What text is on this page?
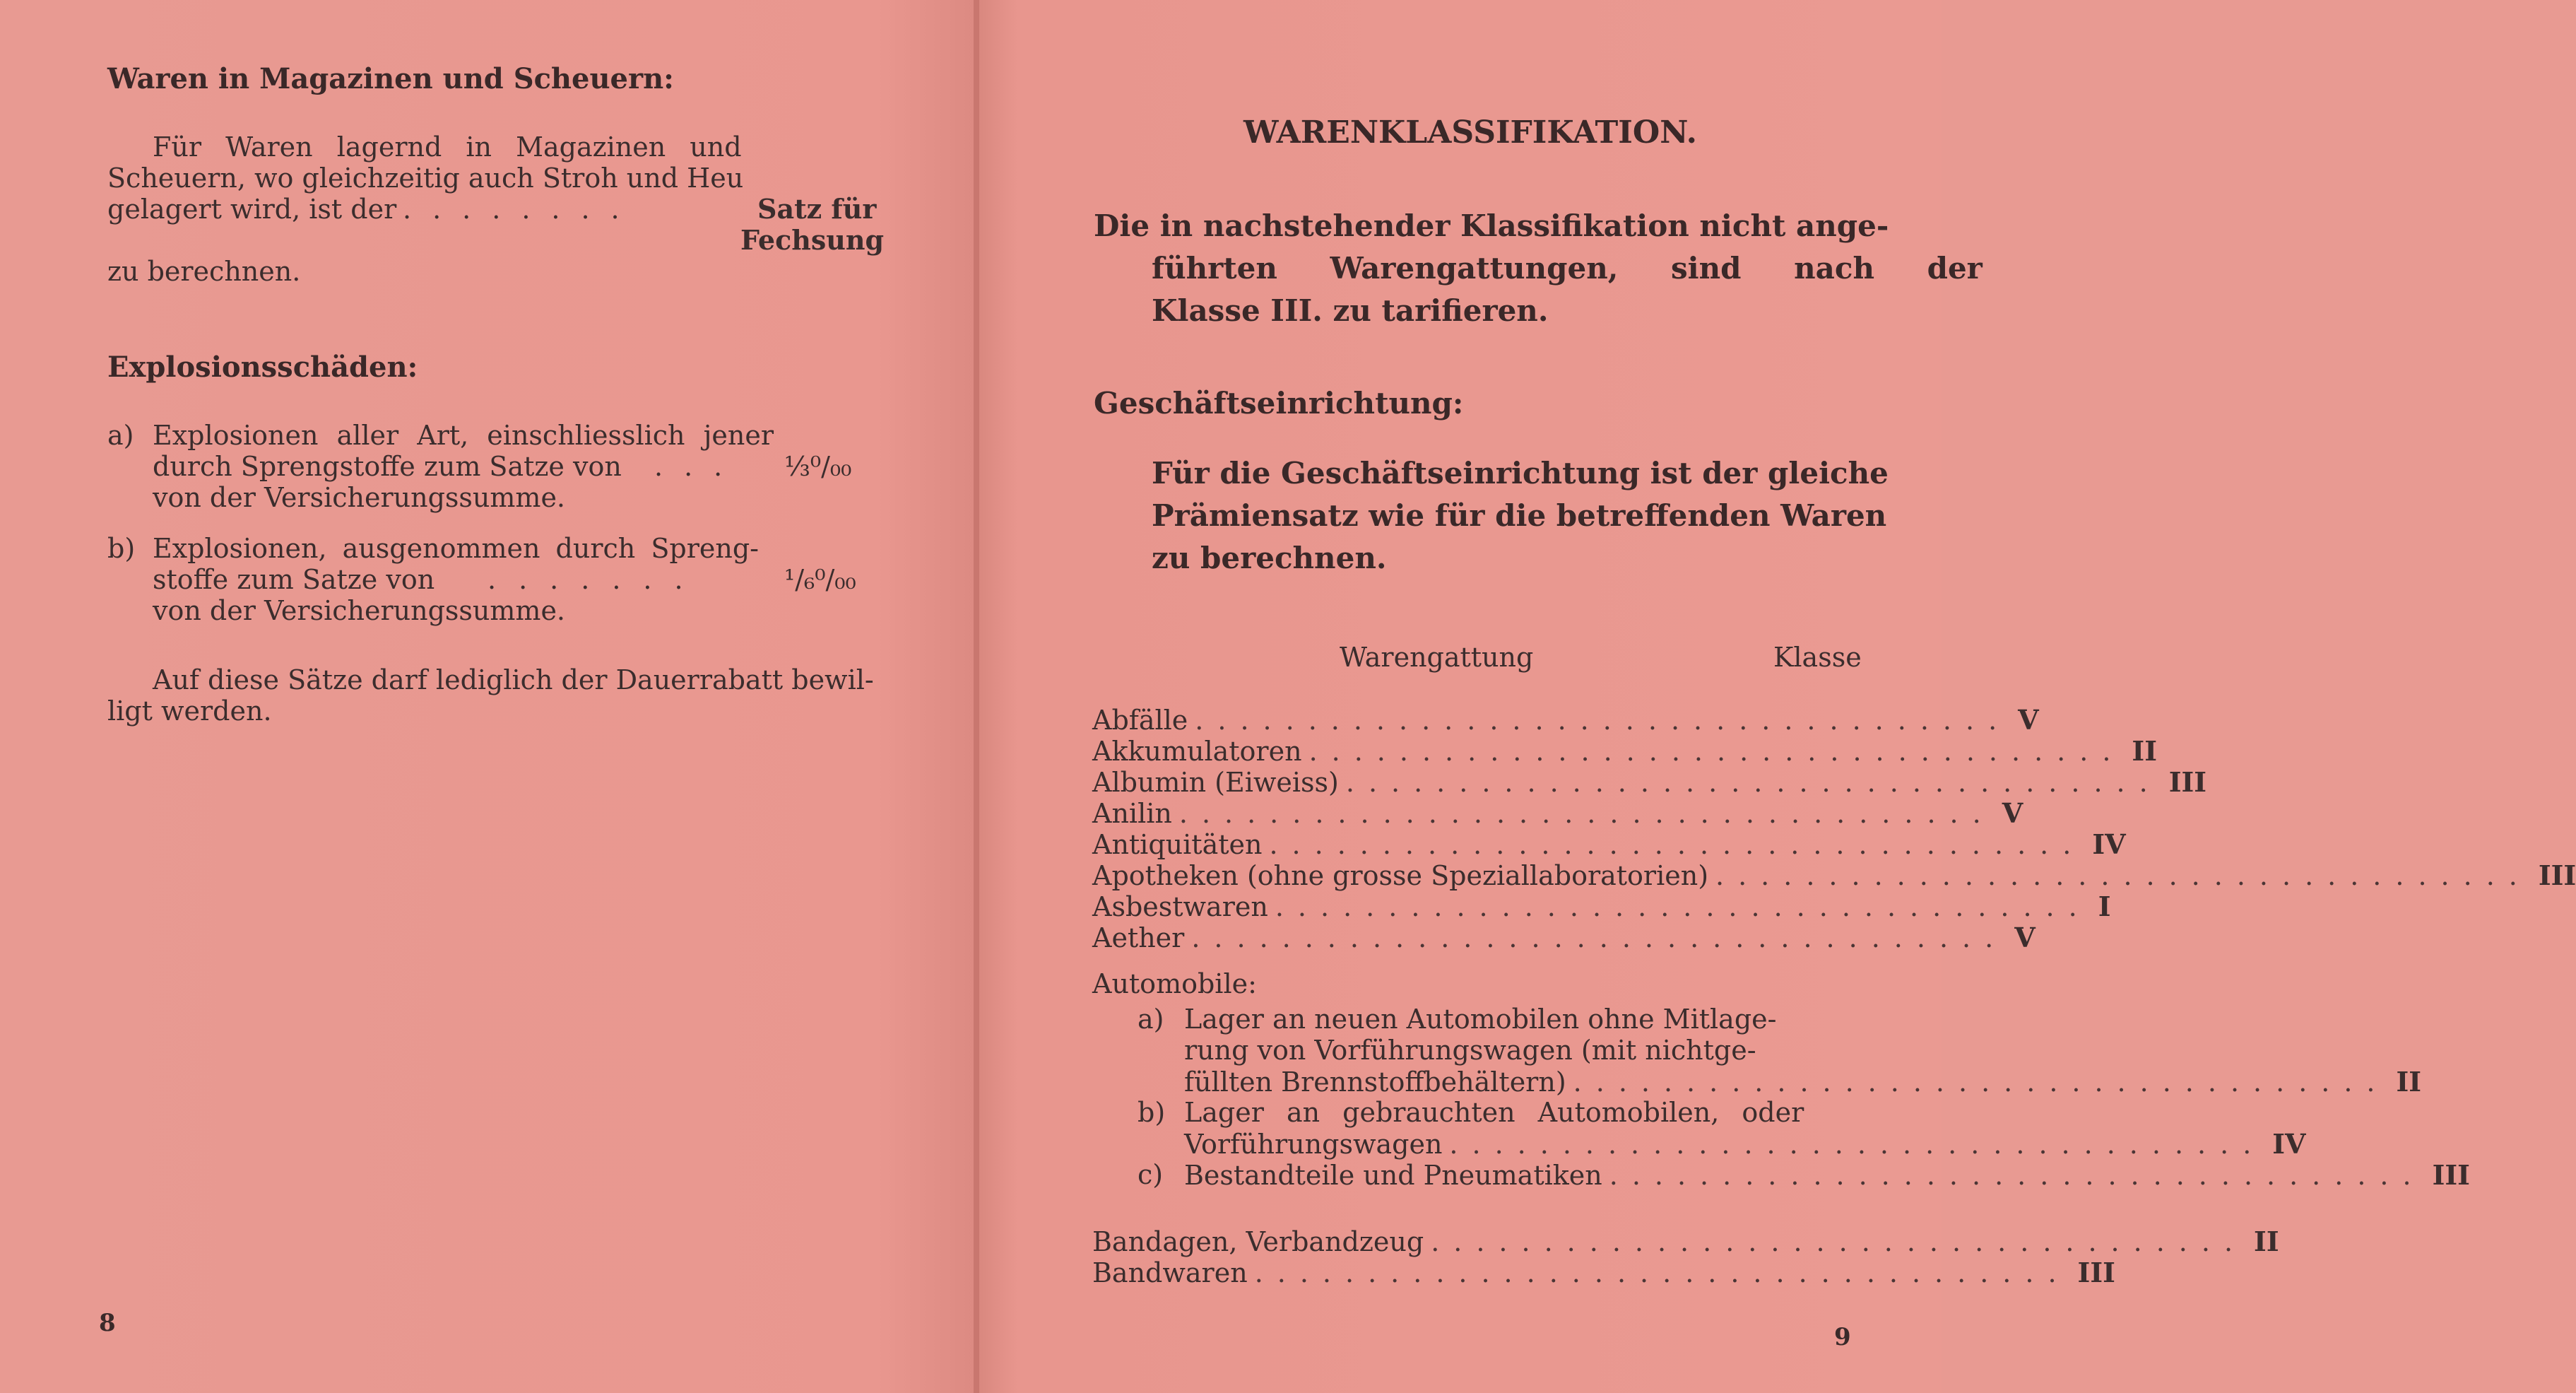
Waren in Magazinen und Scheuern:
Für Waren lagernd in Magazinen und
Scheuern, wo gleichzeitig auch Stroh und Heu
gelagert wird, ist der ........	Satz für
Fechsung
zu berechnen.
Explosionsschäden:
a) Explosionen aller Art, einschliesslich jener
durch Sprengstoffe zum Satze von ... ⅓⁰/₀₀
von der Versicherungssumme.
b) Explosionen, ausgenommen durch Spreng-
stoffe zum Satze von .......	¹/₆⁰/₀₀
von der Versicherungssumme.
Auf diese Sätze darf lediglich der Dauerrabatt bewil-
ligt werden.
8
WARENKLASSIFIKATION.
Die in nachstehender Klassifikation nicht ange-
führten Warengattungen, sind nach der
Klasse III. zu tarifieren.
Geschäftseinrichtung:
Für die Geschäftseinrichtung ist der gleiche
Prämiensatz wie für die betreffenden Waren
zu berechnen.
Warengattung	Klasse
Abfälle .................................... V
Akkumulatoren .................................... II
Albumin (Eiweiss) .................................... III
Anilin .................................... V
Antiquitäten .................................... IV
Apotheken (ohne grosse Speziallaboratorien) .................................... III
Asbestwaren .................................... I
Aether .................................... V
Automobile:
a) Lager an neuen Automobilen ohne Mitlage-
rung von Vorführungswagen (mit nichtge-
füllten Brennstoffbehältern) .................................... II
b) Lager an gebrauchten Automobilen, oder
Vorführungswagen .................................... IV
c) Bestandteile und Pneumatiken .................................... III
Bandagen, Verbandzeug .................................... II
Bandwaren .................................... III
9
